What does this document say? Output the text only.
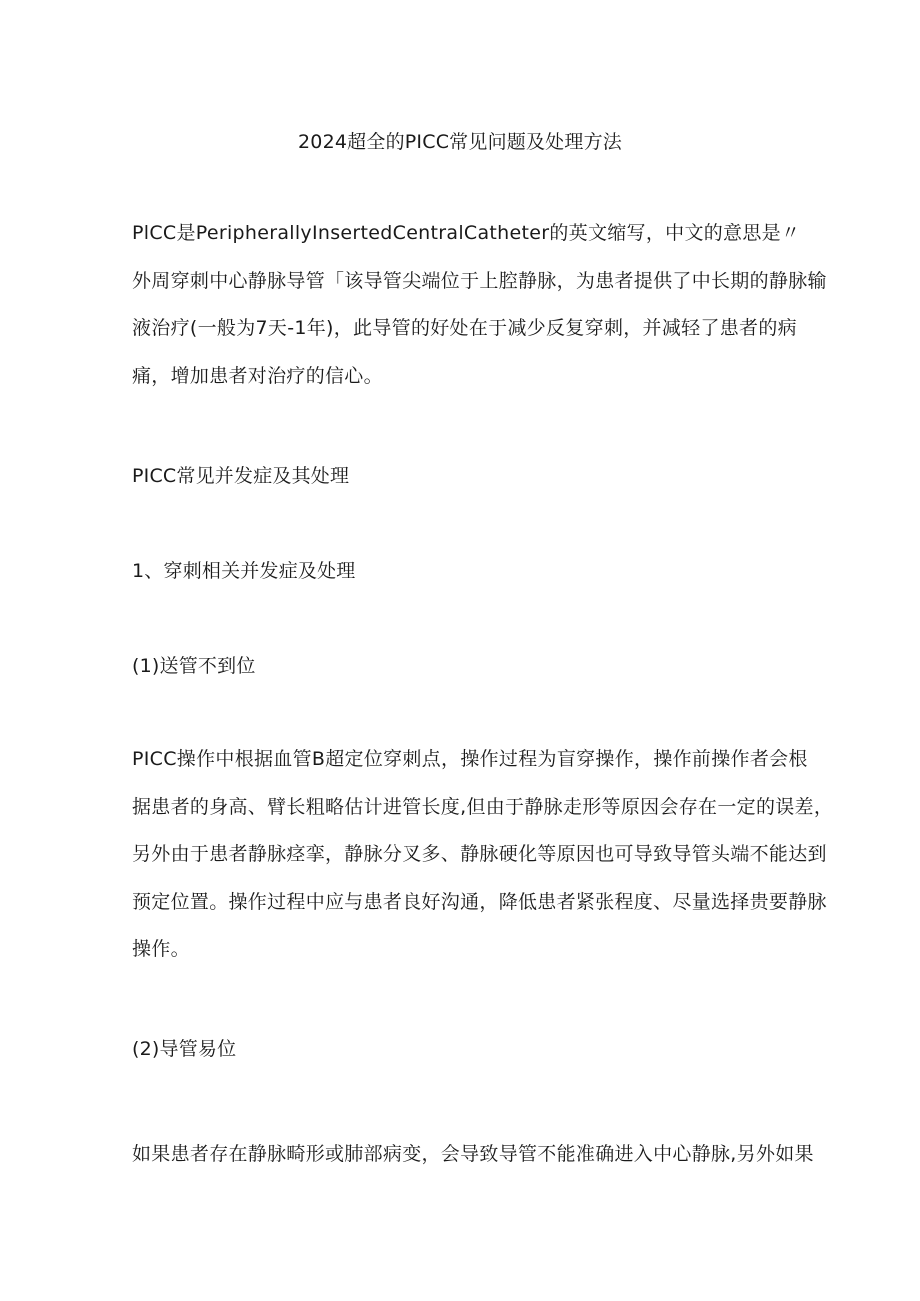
2024超全的PICC常见问题及处理方法

PlCC是PeripherallyInsertedCentralCatheter的英文缩写，中文的意思是〃

外周穿刺中心静脉导管「该导管尖端位于上腔静脉，为患者提供了中长期的静脉输

液治疗(一般为7天-1年)，此导管的好处在于减少反复穿刺，并减轻了患者的病

痛，增加患者对治疗的信心。

PICC常见并发症及其处理
1、穿刺相关并发症及处理
(1)送管不到位

PICC操作中根据血管B超定位穿刺点，操作过程为盲穿操作，操作前操作者会根

据患者的身高、臂长粗略估计进管长度,但由于静脉走形等原因会存在一定的误差，

另外由于患者静脉痉挛，静脉分叉多、静脉硬化等原因也可导致导管头端不能达到

预定位置。操作过程中应与患者良好沟通，降低患者紧张程度、尽量选择贵要静脉

操作。

(2)导管易位

如果患者存在静脉畸形或肺部病变，会导致导管不能准确进入中心静脉,另外如果
